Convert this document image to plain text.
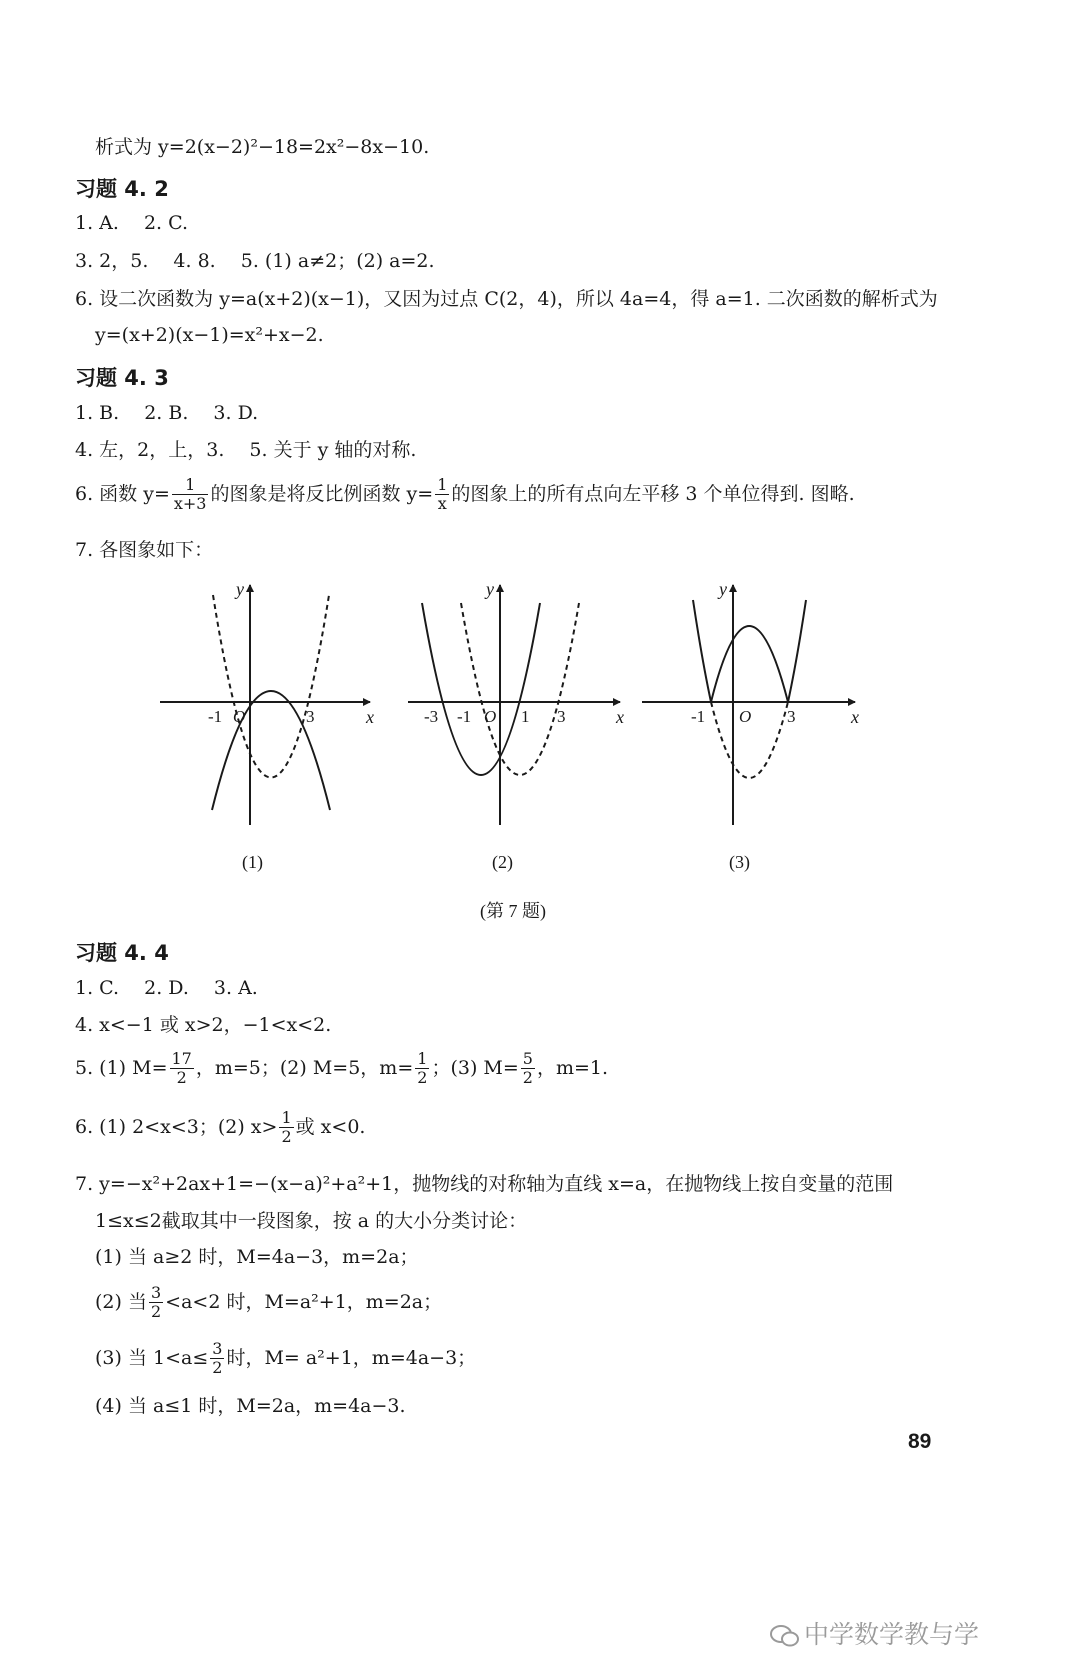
析式为 y=2(x−2)²−18=2x²−8x−10.
习题 4. 2
1. A.　 2. C.
3. 2，5.　 4. 8.　 5. (1) a≠2；(2) a=2.
6. 设二次函数为 y=a(x+2)(x−1)，又因为过点 C(2，4)，所以 4a=4，得 a=1. 二次函数的解析式为
y=(x+2)(x−1)=x²+x−2.
习题 4. 3
1. B.　 2. B.　 3. D.
4. 左，2，上，3.　 5. 关于 y 轴的对称.
6. 函数 $y= \frac{1}{x+3}$ 的图象是将反比例函数 $y= \frac{1}{x}$ 的图象上的所有点向左平移 3 个单位得到. 图略.
7. 各图象如下：
y
x
-1 O	3
(1)
y
x
-3 -1 O 1 3
(2)
y
x
-1 O 3
(3)
(第 7 题)
习题 4. 4
1. C.　 2. D.　 3. A.
4. x<−1 或 x>2，−1<x<2.
5. (1) $M= \frac{17}{2}$ ，m=5；(2) M=5，$m= \frac{1}{2}$ ；(3) $M= \frac{5}{2}$ ，m=1.
6. (1) 2<x<3；(2) $x> \frac{1}{2}$ 或 x<0.
7. y=−x²+2ax+1=−(x−a)²+a²+1，抛物线的对称轴为直线 x=a，在抛物线上按自变量的范围
1≤x≤2截取其中一段图象，按 a 的大小分类讨论：
(1) 当 a≥2 时，M=4a−3，m=2a；
(2) 当 $\frac{3}{2} <a<2$ 时，M=a²+1，m=2a；
(3) 当 $1<a\le \frac{3}{2}$ 时，M= a²+1，m=4a−3；
(4) 当 a≤1 时，M=2a，m=4a−3.
89
中学数学教与学
